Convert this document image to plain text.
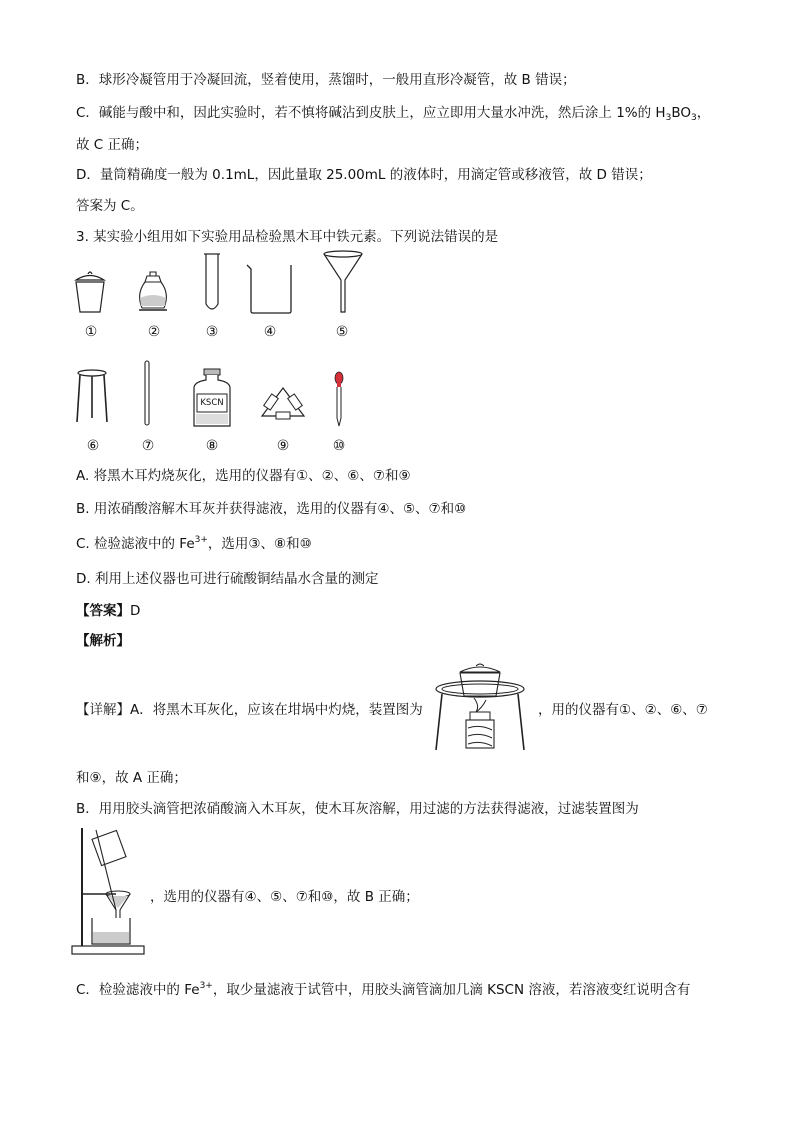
B．球形冷凝管用于冷凝回流，竖着使用，蒸馏时，一般用直形冷凝管，故 B 错误；
C．碱能与酸中和，因此实验时，若不慎将碱沾到皮肤上，应立即用大量水冲洗，然后涂上 1%的 $H_3BO_3$，
故 C 正确；
D．量筒精确度一般为 0.1mL，因此量取 25.00mL 的液体时，用滴定管或移液管，故 D 错误；
答案为 C。
3. 某实验小组用如下实验用品检验黑木耳中铁元素。下列说法错误的是
①	②	③	④	⑤
KSCN
⑥	⑦	⑧	⑨	⑩
A. 将黑木耳灼烧灰化，选用的仪器有①、②、⑥、⑦和⑨
B. 用浓硝酸溶解木耳灰并获得滤液，选用的仪器有④、⑤、⑦和⑩
C. 检验滤液中的 $Fe^{3+}$，选用③、⑧和⑩
D. 利用上述仪器也可进行硫酸铜结晶水含量的测定
【答案】D
【解析】
【详解】A．将黑木耳灰化，应该在坩埚中灼烧，装置图为	，用的仪器有①、②、⑥、⑦
和⑨，故 A 正确；
B．用用胶头滴管把浓硝酸滴入木耳灰，使木耳灰溶解，用过滤的方法获得滤液，过滤装置图为
，选用的仪器有④、⑤、⑦和⑩，故 B 正确；
C．检验滤液中的 $Fe^{3+}$，取少量滤液于试管中，用胶头滴管滴加几滴 KSCN 溶液，若溶液变红说明含有
